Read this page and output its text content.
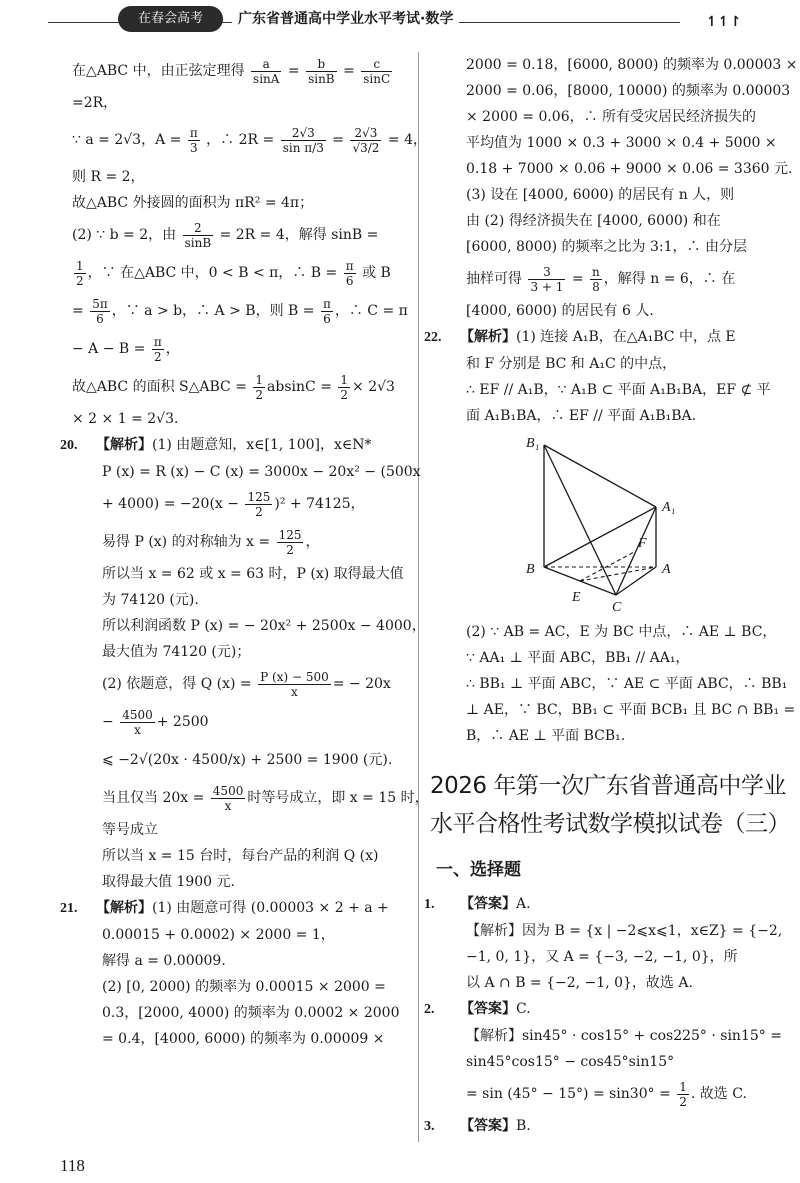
在春会高考	广东省普通高中学业水平考试·数学	↿↿↾

在△ABC 中，由正弦定理得 $\frac{a}{\sin A} = \frac{b}{\sin B} = \frac{c}{\sin C}$

=2R，

∵ a = 2√3，$A = \frac{\pi}{3}$ ，∴ $2R = \frac{2√3}{\text{sin π/3}} = \frac{2√3}{√3/2} = 4$，

则 R = 2，

故△ABC 外接圆的面积为 πR² = 4π；

(2) ∵ b = 2，由 $\frac{2}{\sin B} = 2R = 4$，解得 sinB =

$\frac{1}{2}$ ，∵ 在△ABC 中，0 < B < π，∴ $B = \frac{\pi}{6}$ 或 B

= $\frac{5\pi}{6}$ ，∵ a > b，∴ A > B，则 $B = \frac{\pi}{6}$ ，∴ C = π

− $A - B = \frac{\pi}{2}$ ，

故△ABC 的面积 S△ABC = $\frac{1}{2}$ $absinC = \frac{1}{2} \times 2√3$

× 2 × 1 = 2√3.

20. 【解析】(1) 由题意知，x∈[1, 100]，x∈N*

P (x) = R (x) − C (x) = 3000x − 20x² − (500x

+ $4000) = -20(x - \frac{125}{2} )^2 + 74125$，

易得 P (x) 的对称轴为 $x = \frac{125}{2}$ ，

所以当 x = 62 或 x = 63 时，P (x) 取得最大值

为 74120 (元).

所以利润函数 P (x) = − 20x² + 2500x − 4000，

最大值为 74120 (元)；

(2) 依题意，得 Q $(x) = \frac{P (x) - 500}{x}$ = − 20x

− $\frac{4500}{x} + 2500$

⩽ −2√(20x · 4500/x) + 2500 = 1900 (元).

当且仅当 $20x = \frac{4500}{x}$ 时等号成立，即 x = 15 时，

等号成立

所以当 x = 15 台时，每台产品的利润 Q (x)

取得最大值 1900 元.

21. 【解析】(1) 由题意可得 (0.00003 × 2 + a +

0.00015 + 0.0002) × 2000 = 1，

解得 a = 0.00009.

(2) [0, 2000) 的频率为 0.00015 × 2000 =

0.3，[2000, 4000) 的频率为 0.0002 × 2000

= 0.4，[4000, 6000) 的频率为 0.00009 ×

2000 = 0.18，[6000, 8000) 的频率为 0.00003 ×

2000 = 0.06，[8000, 10000) 的频率为 0.00003

× 2000 = 0.06，∴ 所有受灾居民经济损失的

平均值为 1000 × 0.3 + 3000 × 0.4 + 5000 ×

0.18 + 7000 × 0.06 + 9000 × 0.06 = 3360 元.

(3) 设在 [4000, 6000) 的居民有 n 人，则

由 (2) 得经济损失在 [4000, 6000) 和在

[6000, 8000) 的频率之比为 3:1，∴ 由分层

抽样可得 $\frac{3}{3 + 1} = \frac{n}{8}$ ，解得 n = 6，∴ 在

[4000, 6000) 的居民有 6 人.

22. 【解析】(1) 连接 A₁B，在△A₁BC 中，点 E

和 F 分别是 BC 和 A₁C 的中点，

∴ EF // A₁B，∵ A₁B ⊂ 平面 A₁B₁BA，EF ⊄ 平

面 A₁B₁BA，∴ EF // 平面 A₁B₁BA.

B₁
A₁
F
B	A
E
C

(2) ∵ AB = AC，E 为 BC 中点，∴ AE ⊥ BC，

∵ AA₁ ⊥ 平面 ABC，BB₁ // AA₁，

∴ BB₁ ⊥ 平面 ABC，∵ AE ⊂ 平面 ABC，∴ BB₁

⊥ AE，∵ BC，BB₁ ⊂ 平面 BCB₁ 且 BC ∩ BB₁ =

B，∴ AE ⊥ 平面 BCB₁.

2026 年第一次广东省普通高中学业
水平合格性考试数学模拟试卷（三）
一、选择题

1. 【答案】A.

【解析】因为 B = {x | −2⩽x⩽1，x∈Z} = {−2,

−1, 0, 1}，又 A = {−3, −2, −1, 0}，所

以 A ∩ B = {−2, −1, 0}，故选 A.

2. 【答案】C.

【解析】sin45° · cos15° + cos225° · sin15° =

sin45°cos15° − cos45°sin15°

= $\sin (45^\circ - 15^\circ) = \sin 30^\circ = \frac{1}{2}$ . 故选 C.

3. 【答案】B.

118
